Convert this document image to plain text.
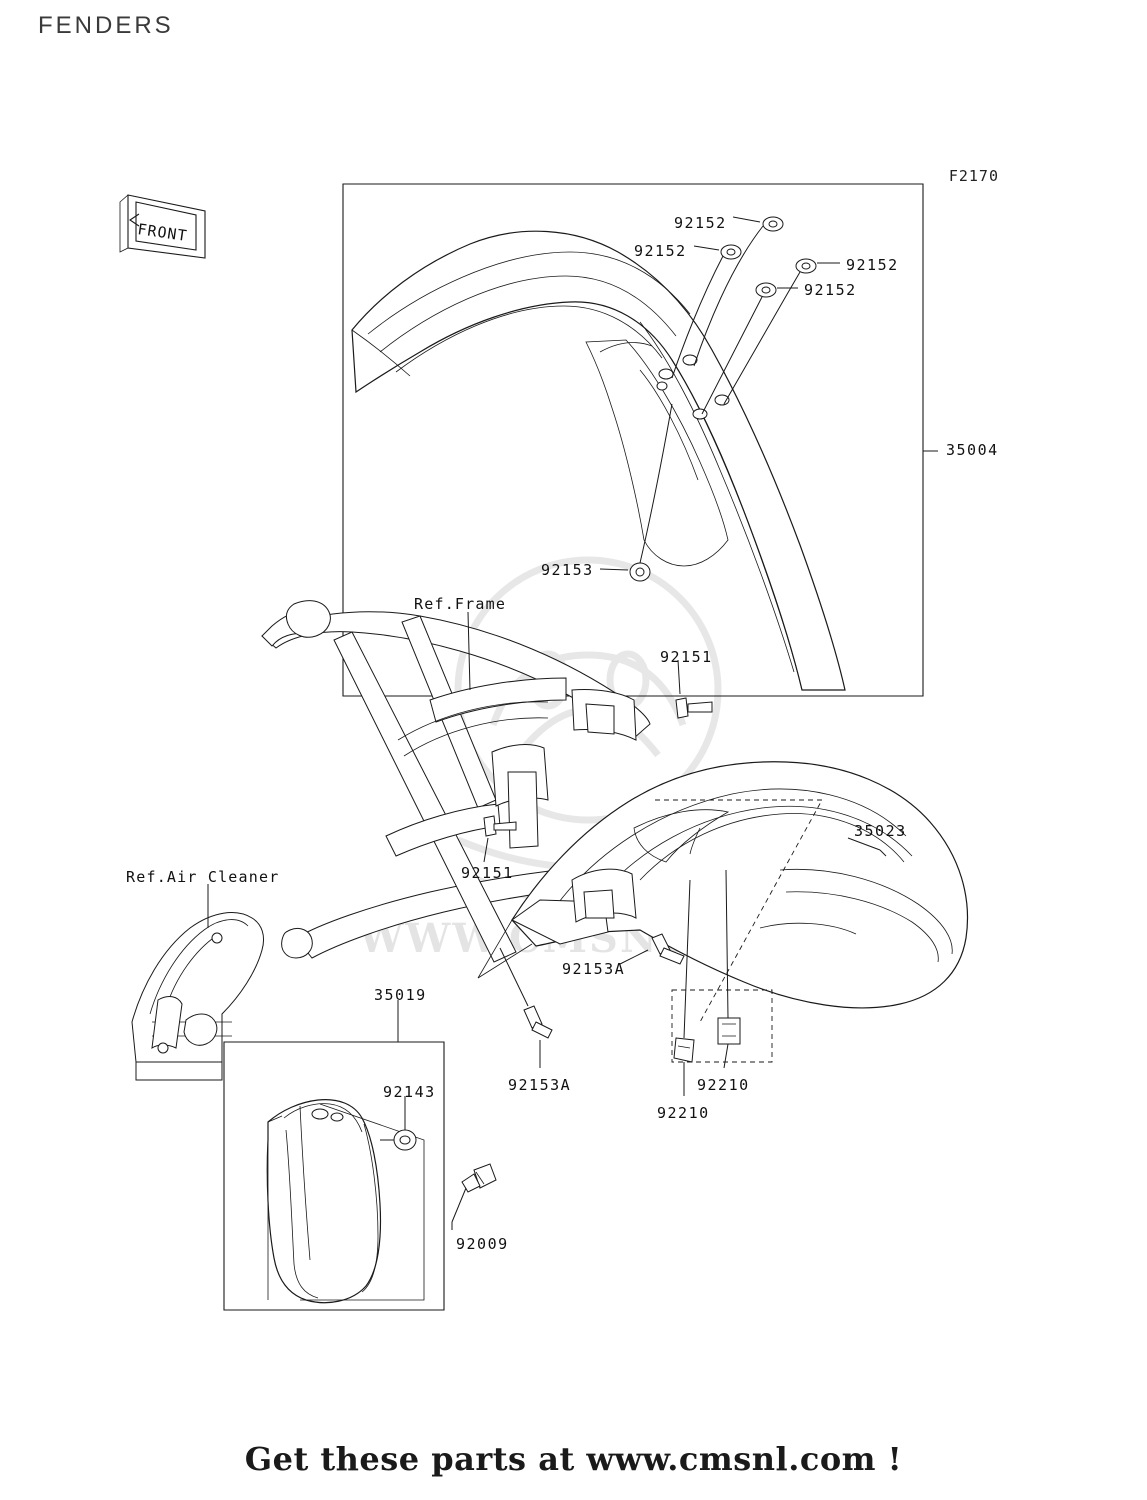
FENDERS
F2170
WWW.CMSNL.COM
FRONT	92152
92152
92152
92152
35004
92153
Ref.Frame
92151
35023
Ref.Air Cleaner	92151
92153A
35019
92210
92153A
92210
92143
92009
Get these parts at www.cmsnl.com !
